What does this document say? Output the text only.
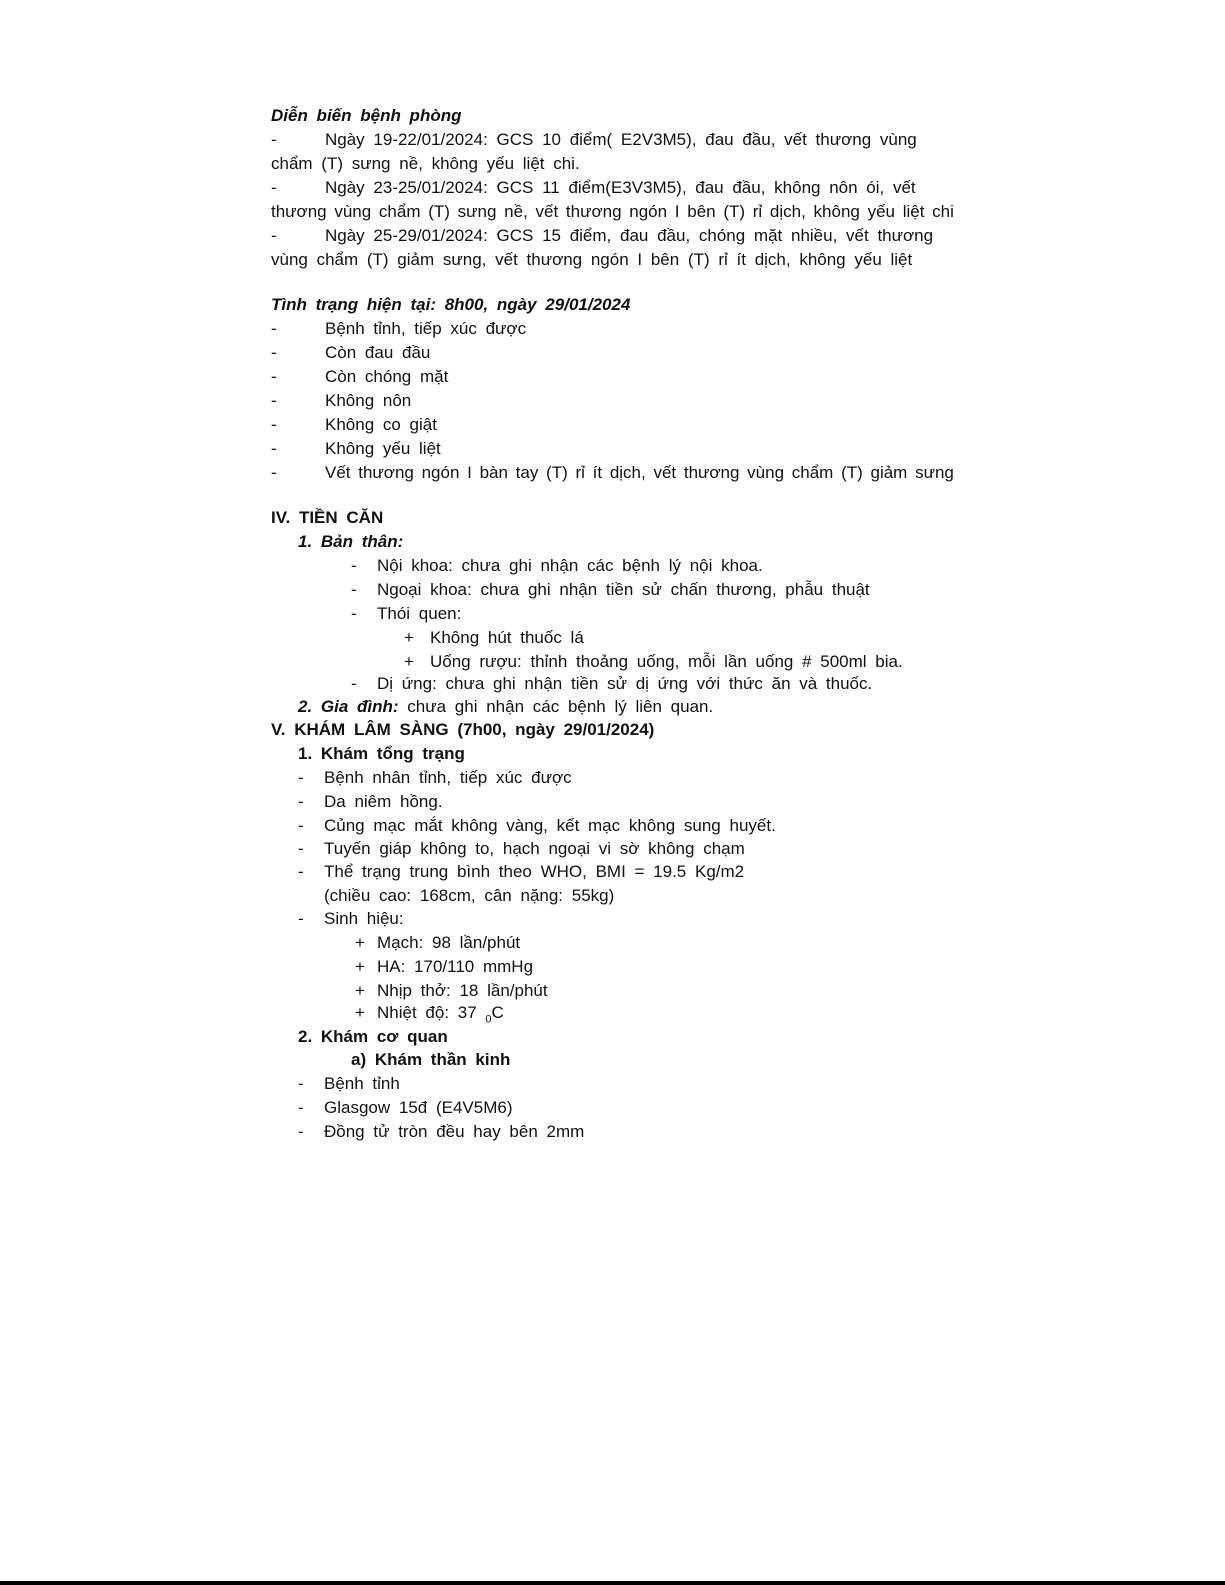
Diễn biến bệnh phòng
-	Ngày 19-22/01/2024: GCS 10 điểm( E2V3M5), đau đầu, vết thương vùng
chẩm (T) sưng nề, không yếu liệt chi.
-	Ngày 23-25/01/2024: GCS 11 điểm(E3V3M5), đau đầu, không nôn ói, vết
thương vùng chẩm (T) sưng nề, vết thương ngón I bên (T) rỉ dịch, không yếu liệt chi
-	Ngày 25-29/01/2024: GCS 15 điểm, đau đầu, chóng mặt nhiều, vết thương
vùng chẩm (T) giảm sưng, vết thương ngón I bên (T) rỉ ít dịch, không yếu liệt
Tình trạng hiện tại: 8h00, ngày 29/01/2024
-	Bệnh tỉnh, tiếp xúc được
-	Còn đau đầu
-	Còn chóng mặt
-	Không nôn
-	Không co giật
-	Không yếu liệt
-	Vết thương ngón I bàn tay (T) rỉ ít dịch, vết thương vùng chẩm (T) giảm sưng
IV. TIỀN CĂN
1. Bản thân:
- Nội khoa: chưa ghi nhận các bệnh lý nội khoa.
- Ngoại khoa: chưa ghi nhận tiền sử chấn thương, phẫu thuật
- Thói quen:
+ Không hút thuốc lá
+ Uống rượu: thỉnh thoảng uống, mỗi lần uống # 500ml bia.
- Dị ứng: chưa ghi nhận tiền sử dị ứng với thức ăn và thuốc.
2. Gia đình: chưa ghi nhận các bệnh lý liên quan.
V. KHÁM LÂM SÀNG (7h00, ngày 29/01/2024)
1. Khám tổng trạng
- Bệnh nhân tỉnh, tiếp xúc được
- Da niêm hồng.
- Củng mạc mắt không vàng, kết mạc không sung huyết.
- Tuyến giáp không to, hạch ngoại vi sờ không chạm
- Thể trạng trung bình theo WHO, BMI = 19.5 Kg/m2
(chiều cao: 168cm, cân nặng: 55kg)
- Sinh hiệu:
+ Mạch: 98 lần/phút
+ HA: 170/110 mmHg
+ Nhịp thở: 18 lần/phút
+ Nhiệt độ: 37 $_0$C
2. Khám cơ quan
a) Khám thần kinh
- Bệnh tỉnh
- Glasgow 15đ (E4V5M6)
- Đồng tử tròn đều hay bên 2mm
